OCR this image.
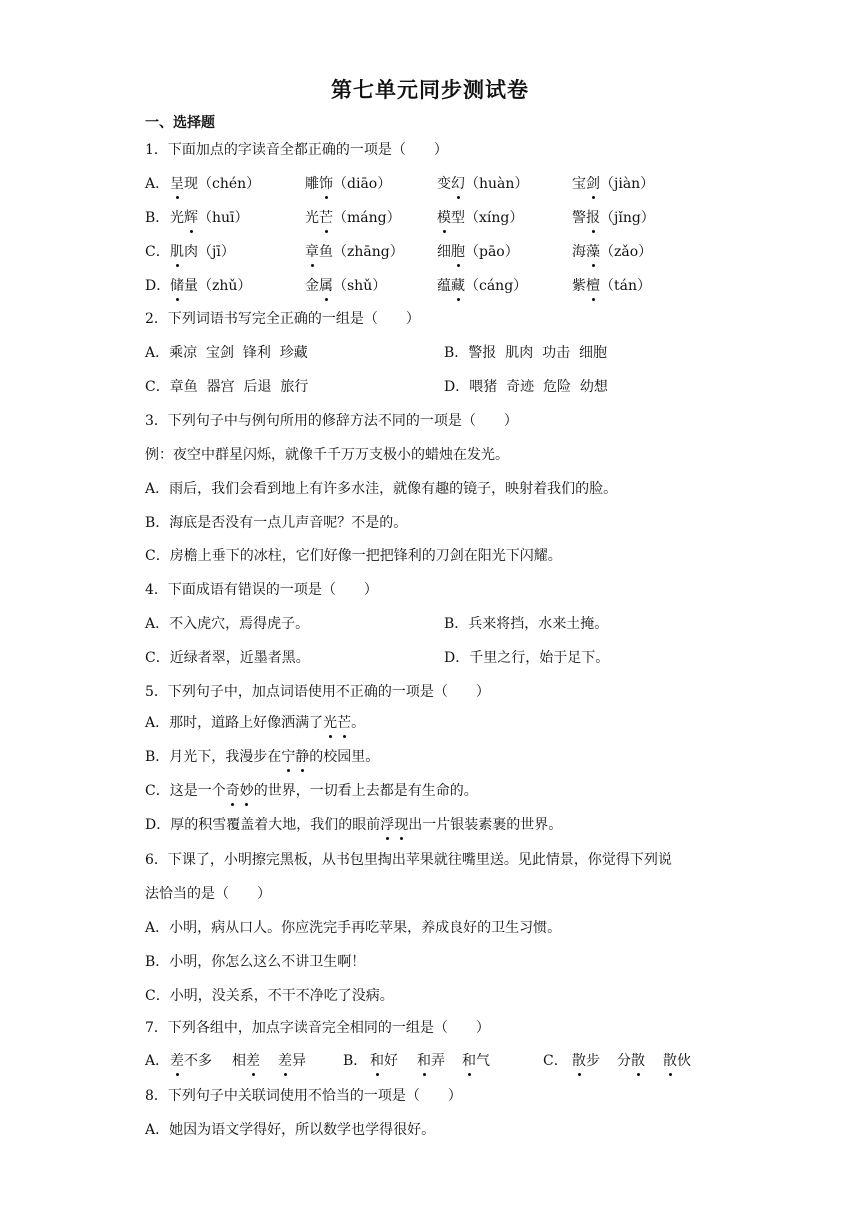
第七单元同步测试卷
一、选择题
1．下面加点的字读音全都正确的一项是（　　）
A． 呈现（chén）	雕饰（diāo）	变幻（huàn）	宝剑（jiàn）
B． 光辉（huī）	光芒（máng）	模型（xíng）	警报（jǐng）
C． 肌肉（jī）	章鱼（zhāng） 细胞（pāo）	海藻（zǎo）
D． 储量（zhǔ）	金属（shǔ）	蕴藏（cáng）	紫檀（tán）
2．下列词语书写完全正确的一组是（　　）
A．乘凉  宝剑  锋利  珍藏	B．警报  肌肉  功击  细胞
C．章鱼  器宫  后退  旅行	D．喂猪  奇迹  危险  幼想
3．下列句子中与例句所用的修辞方法不同的一项是（　　）
例：夜空中群星闪烁，就像千千万万支极小的蜡烛在发光。
A．雨后，我们会看到地上有许多水洼，就像有趣的镜子，映射着我们的脸。
B．海底是否没有一点儿声音呢？不是的。
C．房檐上垂下的冰柱，它们好像一把把锋利的刀剑在阳光下闪耀。
4．下面成语有错误的一项是（　　）
A．不入虎穴，焉得虎子。	B．兵来将挡，水来土掩。
C．近绿者翠，近墨者黑。	D．千里之行，始于足下。
5．下列句子中，加点词语使用不正确的一项是（　　）
A．那时，道路上好像洒满了光芒。
B．月光下，我漫步在宁静的校园里。
C．这是一个奇妙的世界，一切看上去都是有生命的。
D．厚的积雪覆盖着大地，我们的眼前浮现出一片银装素裹的世界。
6．下课了，小明擦完黑板，从书包里掏出苹果就往嘴里送。见此情景，你觉得下列说
法恰当的是（　　）
A．小明，病从口人。你应洗完手再吃苹果，养成良好的卫生习惯。
B．小明，你怎么这么不讲卫生啊！
C．小明，没关系，不干不净吃了没病。
7．下列各组中，加点字读音完全相同的一组是（　　）
A． 差不多 相差 差异	B． 和好 和弄 和气	C． 散步 分散 散伙
8．下列句子中关联词使用不恰当的一项是（　　）
A．她因为语文学得好，所以数学也学得很好。
